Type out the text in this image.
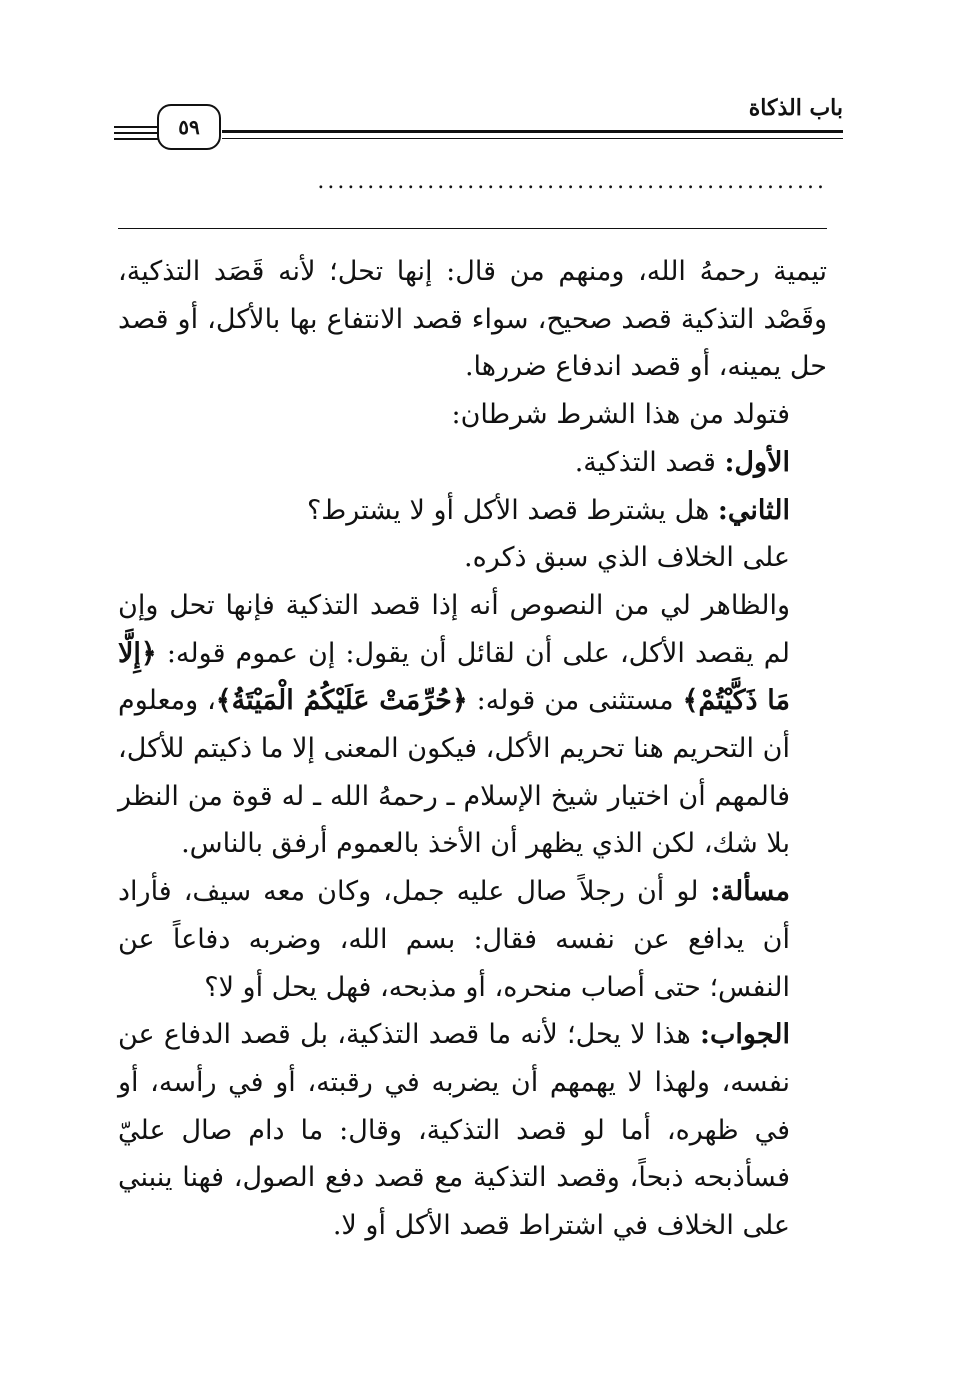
باب الذكاة
٥٩
...................................................

تيمية رحمهُ الله، ومنهم من قال: إنها تحل؛ لأنه قَصَد التذكية، وقَصْد التذكية قصد صحيح، سواء قصد الانتفاع بها بالأكل، أو قصد حل يمينه، أو قصد اندفاع ضررها.

فتولد من هذا الشرط شرطان:

الأول: قصد التذكية.

الثاني: هل يشترط قصد الأكل أو لا يشترط؟

على الخلاف الذي سبق ذكره.

والظاهر لي من النصوص أنه إذا قصد التذكية فإنها تحل وإن لم يقصد الأكل، على أن لقائل أن يقول: إن عموم قوله: ﴿إِلَّا مَا ذَكَّيْتُمْ﴾ مستثنى من قوله: ﴿حُرِّمَتْ عَلَيْكُمُ الْمَيْتَةُ﴾، ومعلوم أن التحريم هنا تحريم الأكل، فيكون المعنى إلا ما ذكيتم للأكل، فالمهم أن اختيار شيخ الإسلام ـ رحمهُ الله ـ له قوة من النظر بلا شك، لكن الذي يظهر أن الأخذ بالعموم أرفق بالناس.

مسألة: لو أن رجلاً صال عليه جمل، وكان معه سيف، فأراد أن يدافع عن نفسه فقال: بسم الله، وضربه دفاعاً عن النفس؛ حتى أصاب منحره، أو مذبحه، فهل يحل أو لا؟

الجواب: هذا لا يحل؛ لأنه ما قصد التذكية، بل قصد الدفاع عن نفسه، ولهذا لا يهمهم أن يضربه في رقبته، أو في رأسه، أو في ظهره، أما لو قصد التذكية، وقال: ما دام صال عليّ فسأذبحه ذبحاً، وقصد التذكية مع قصد دفع الصول، فهنا ينبني على الخلاف في اشتراط قصد الأكل أو لا.
